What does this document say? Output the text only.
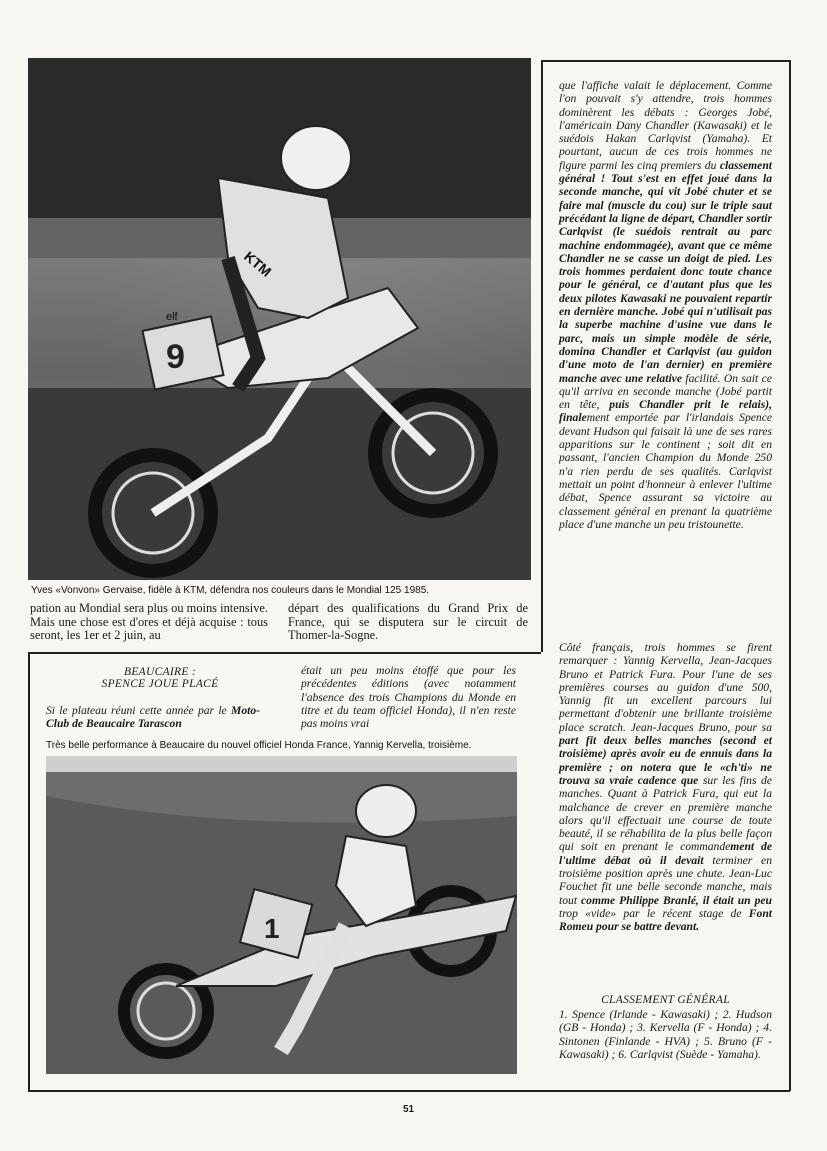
9
KTM
elf
Yves «Vonvon» Gervaise, fidèle à KTM, défendra nos couleurs dans le Mondial 125 1985.
pation au Mondial sera plus ou moins intensive. Mais une chose est d'ores et déjà acquise : tous seront, les 1er et 2 juin, au
départ des qualifications du Grand Prix de France, qui se disputera sur le circuit de Thomer-la-Sogne.
BEAUCAIRE :
SPENCE JOUE PLACÉ

Si le plateau réuni cette année par le Moto-Club de Beaucaire Tarascon

était un peu moins étoffé que pour les précédentes éditions (avec notamment l'absence des trois Champions du Monde en titre et du team officiel Honda), il n'en reste pas moins vrai
Très belle performance à Beaucaire du nouvel officiel Honda France, Yannig Kervella, troisième.
1

que l'affiche valait le déplacement. Comme l'on pouvait s'y attendre, trois hommes dominèrent les débats : Georges Jobé, l'américain Dany Chandler (Kawasaki) et le suédois Hakan Carlqvist (Yamaha). Et pourtant, aucun de ces trois hommes ne figure parmi les cinq premiers du classement général ! Tout s'est en effet joué dans la seconde manche, qui vit Jobé chuter et se faire mal (muscle du cou) sur le triple saut précédant la ligne de départ, Chandler sortir Carlqvist (le suédois rentrait au parc machine endommagée), avant que ce même Chandler ne se casse un doigt de pied. Les trois hommes perdaient donc toute chance pour le général, ce d'autant plus que les deux pilotes Kawasaki ne pouvaient repartir en dernière manche. Jobé qui n'utilisait pas la superbe machine d'usine vue dans le parc, mais un simple modèle de série, domina Chandler et Carlqvist (au guidon d'une moto de l'an dernier) en première manche avec une relative facilité. On sait ce qu'il arriva en seconde manche (Jobé partit en tête, puis Chandler prit le relais), finalement emportée par l'irlandais Spence devant Hudson qui faisait là une de ses rares apparitions sur le continent ; soit dit en passant, l'ancien Champion du Monde 250 n'a rien perdu de ses qualités. Carlqvist mettait un point d'honneur à enlever l'ultime débat, Spence assurant sa victoire au classement général en prenant la quatrième place d'une manche un peu tristounette.

Côté français, trois hommes se firent remarquer : Yannig Kervella, Jean-Jacques Bruno et Patrick Fura. Pour l'une de ses premières courses au guidon d'une 500, Yannig fit un excellent parcours lui permettant d'obtenir une brillante troisième place scratch. Jean-Jacques Bruno, pour sa part fit deux belles manches (second et troisième) après avoir eu de ennuis dans la première ; on notera que le «ch'ti» ne trouva sa vraie cadence que sur les fins de manches. Quant à Patrick Fura, qui eut la malchance de crever en première manche alors qu'il effectuait une course de toute beauté, il se réhabilita de la plus belle façon qui soit en prenant le commandement de l'ultime débat où il devait terminer en troisième position après une chute. Jean-Luc Fouchet fit une belle seconde manche, mais tout comme Philippe Branlé, il était un peu trop «vide» par le récent stage de Font Romeu pour se battre devant.

CLASSEMENT GÉNÉRAL
1. Spence (Irlande - Kawasaki) ; 2. Hudson (GB - Honda) ; 3. Kervella (F - Honda) ; 4. Sintonen (Finlande - HVA) ; 5. Bruno (F - Kawasaki) ; 6. Carlqvist (Suède - Yamaha).
51
